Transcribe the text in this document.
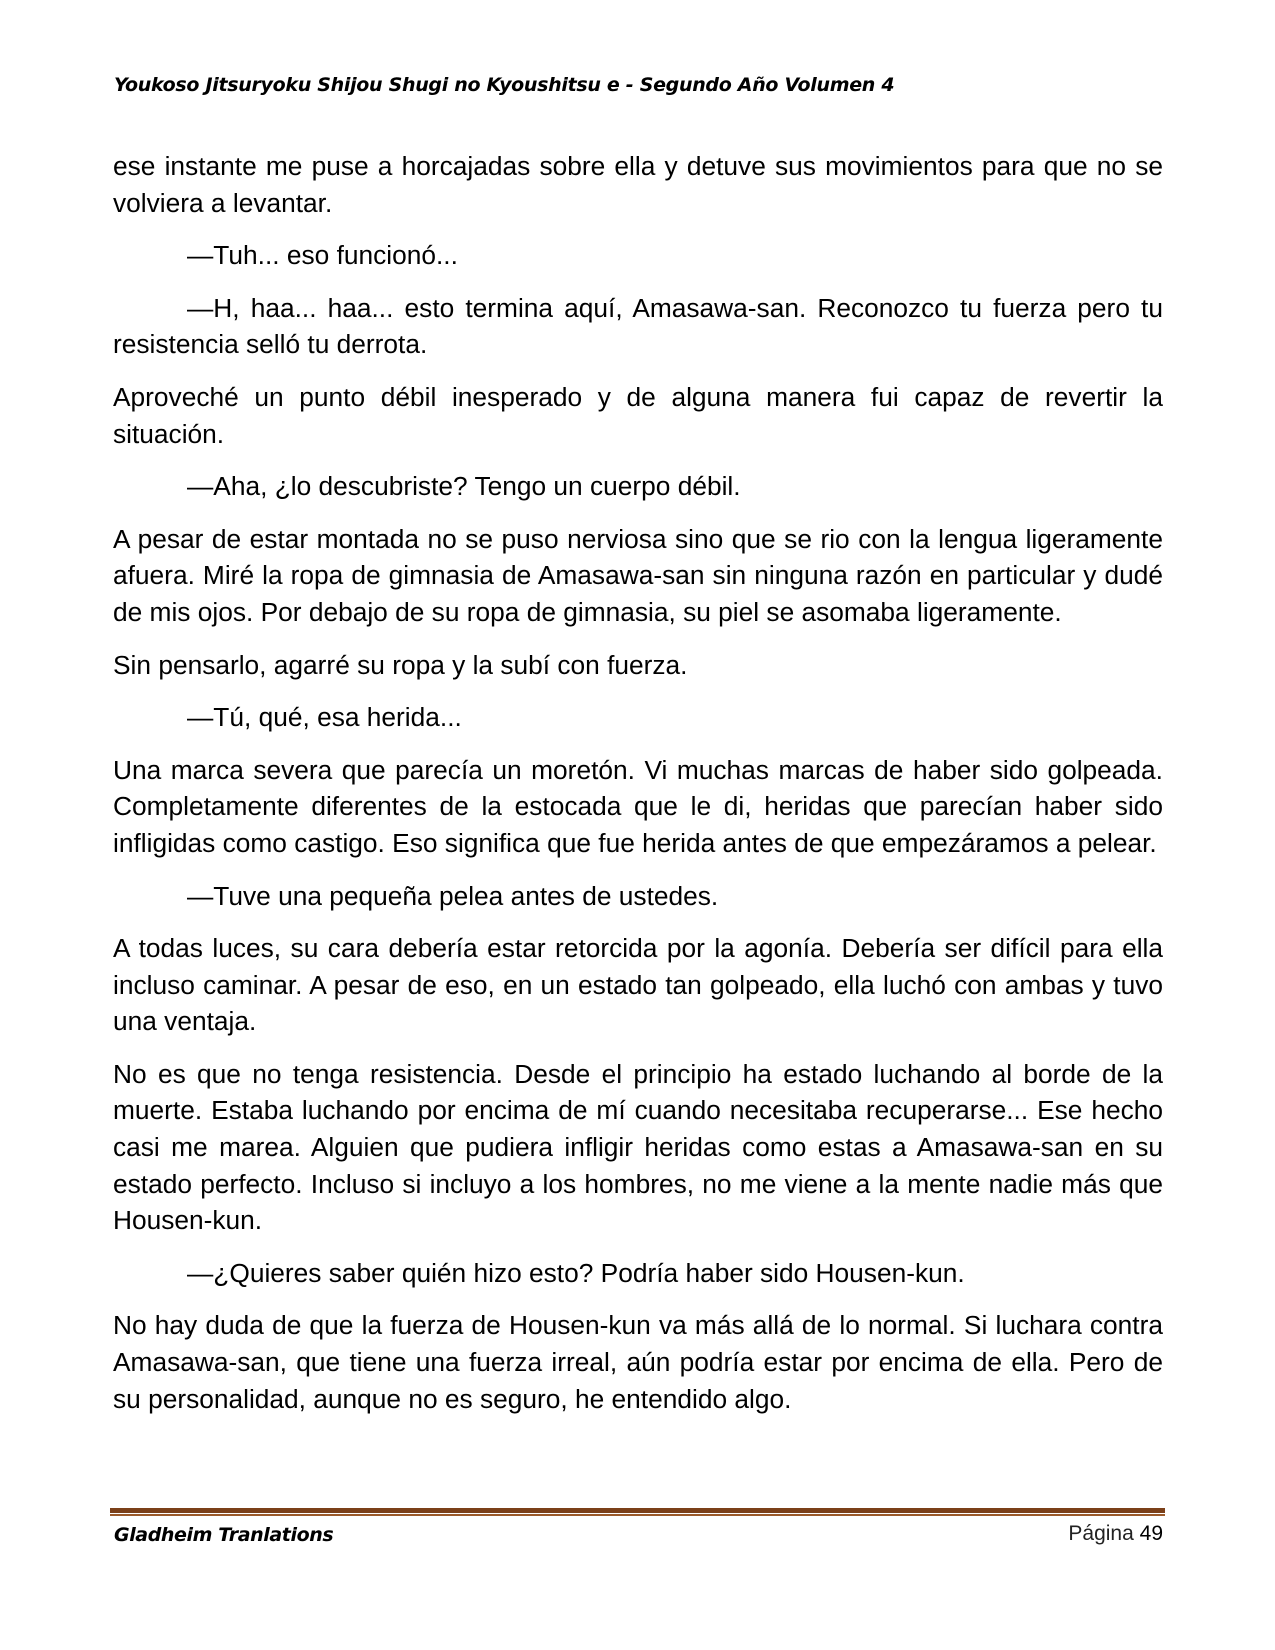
Youkoso Jitsuryoku Shijou Shugi no Kyoushitsu e - Segundo Año Volumen 4

ese instante me puse a horcajadas sobre ella y detuve sus movimientos para que no se volviera a levantar.

—Tuh... eso funcionó...

—H, haa... haa... esto termina aquí, Amasawa-san. Reconozco tu fuerza pero tu resistencia selló tu derrota.

Aproveché un punto débil inesperado y de alguna manera fui capaz de revertir la situación.

—Aha, ¿lo descubriste? Tengo un cuerpo débil.

A pesar de estar montada no se puso nerviosa sino que se rio con la lengua ligeramente afuera. Miré la ropa de gimnasia de Amasawa-san sin ninguna razón en particular y dudé de mis ojos. Por debajo de su ropa de gimnasia, su piel se asomaba ligeramente.

Sin pensarlo, agarré su ropa y la subí con fuerza.

—Tú, qué, esa herida...

Una marca severa que parecía un moretón. Vi muchas marcas de haber sido golpeada. Completamente diferentes de la estocada que le di, heridas que parecían haber sido infligidas como castigo. Eso significa que fue herida antes de que empezáramos a pelear.

—Tuve una pequeña pelea antes de ustedes.

A todas luces, su cara debería estar retorcida por la agonía. Debería ser difícil para ella incluso caminar. A pesar de eso, en un estado tan golpeado, ella luchó con ambas y tuvo una ventaja.

No es que no tenga resistencia. Desde el principio ha estado luchando al borde de la muerte. Estaba luchando por encima de mí cuando necesitaba recuperarse... Ese hecho casi me marea. Alguien que pudiera infligir heridas como estas a Amasawa-san en su estado perfecto. Incluso si incluyo a los hombres, no me viene a la mente nadie más que Housen-kun.

—¿Quieres saber quién hizo esto? Podría haber sido Housen-kun.

No hay duda de que la fuerza de Housen-kun va más allá de lo normal. Si luchara contra Amasawa-san, que tiene una fuerza irreal, aún podría estar por encima de ella. Pero de su personalidad, aunque no es seguro, he entendido algo.

Gladheim Tranlations	Página 49
